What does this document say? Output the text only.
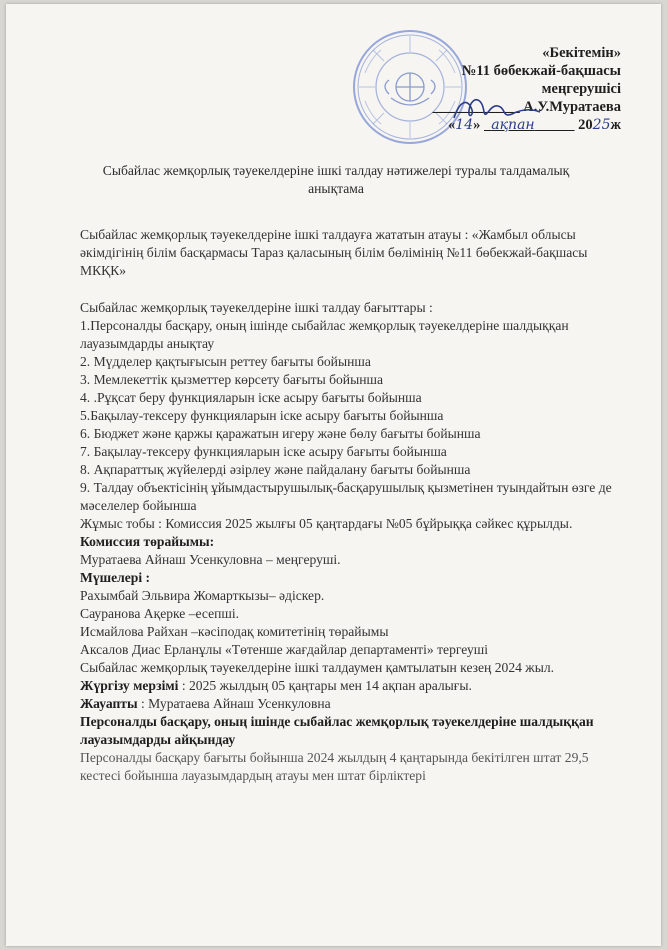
«Бекітемін»
№11 бөбекжай-бақшасы
меңгерушісі
____________ А.У.Муратаева
«14»   ақпан	2025ж
Сыбайлас жемқорлық тәуекелдеріне ішкі талдау нәтижелері туралы талдамалық анықтама

Сыбайлас жемқорлық тәуекелдеріне ішкі талдауға жататын атауы : «Жамбыл облысы әкімдігінің білім басқармасы Тараз қаласының білім бөлімінің №11 бөбекжай-бақшасы МКҚК»

Сыбайлас жемқорлық тәуекелдеріне ішкі талдау бағыттары :

1.Персоналды басқару, оның ішінде сыбайлас жемқорлық тәуекелдеріне шалдыққан лауазымдарды анықтау

2. Мүдделер қақтығысын реттеу бағыты бойынша

3. Мемлекеттік қызметтер көрсету бағыты бойынша

4. .Рұқсат беру функцияларын іске асыру бағыты бойынша

5.Бақылау-тексеру функцияларын іске асыру бағыты бойынша

6. Бюджет және қаржы қаражатын игеру және бөлу бағыты бойынша

7. Бақылау-тексеру функцияларын іске асыру бағыты бойынша

8. Ақпараттық жүйелерді әзірлеу және пайдалану бағыты бойынша

9. Талдау объектісінің ұйымдастырушылық-басқарушылық қызметінен туындайтын өзге де мәселелер бойынша

Жұмыс тобы : Комиссия 2025 жылғы 05 қаңтардағы №05 бұйрыққа сәйкес құрылды.

Комиссия төрайымы:

Муратаева Айнаш Усенкуловна – меңгеруші.

Мүшелері :

Рахымбай Эльвира Жомарткызы– әдіскер.

Сауранова Ақерке –есепші.

Исмайлова Райхан –кәсіподақ комитетінің төрайымы

Аксалов Диас Ерланұлы «Төтенше жағдайлар департаменті» тергеуші

Сыбайлас жемқорлық тәуекелдеріне ішкі талдаумен қамтылатын кезең 2024 жыл.

Жүргізу мерзімі : 2025 жылдың 05 қаңтары мен 14 ақпан аралығы.

Жауапты : Муратаева Айнаш Усенкуловна

Персоналды басқару, оның ішінде сыбайлас жемқорлық тәуекелдеріне шалдыққан лауазымдарды айқындау

Персоналды басқару бағыты бойынша 2024 жылдың 4 қаңтарында бекітілген штат 29,5 кестесі бойынша лауазымдардың атауы мен штат бірліктері
